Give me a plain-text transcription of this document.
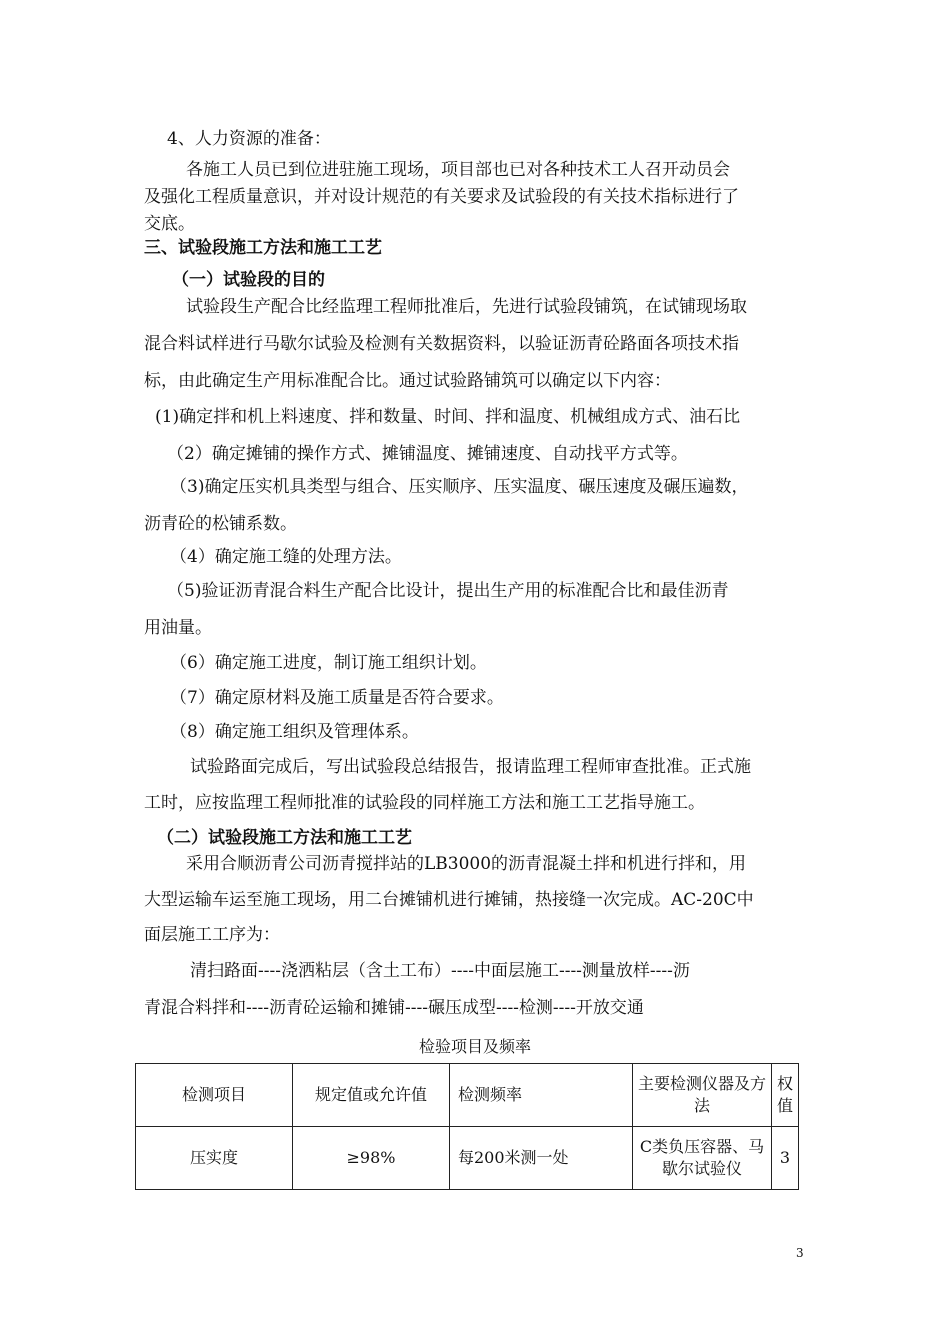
4、人力资源的准备：
各施工人员已到位进驻施工现场，项目部也已对各种技术工人召开动员会
及强化工程质量意识，并对设计规范的有关要求及试验段的有关技术指标进行了
交底。
三、试验段施工方法和施工工艺
（一）试验段的目的
试验段生产配合比经监理工程师批准后，先进行试验段铺筑，在试铺现场取
混合料试样进行马歇尔试验及检测有关数据资料，以验证沥青砼路面各项技术指
标，由此确定生产用标准配合比。通过试验路铺筑可以确定以下内容：
(1)确定拌和机上料速度、拌和数量、时间、拌和温度、机械组成方式、油石比
（2）确定摊铺的操作方式、摊铺温度、摊铺速度、自动找平方式等。
（3)确定压实机具类型与组合、压实顺序、压实温度、碾压速度及碾压遍数，
沥青砼的松铺系数。
（4）确定施工缝的处理方法。
（5)验证沥青混合料生产配合比设计，提出生产用的标准配合比和最佳沥青
用油量。
（6）确定施工进度，制订施工组织计划。
（7）确定原材料及施工质量是否符合要求。
（8）确定施工组织及管理体系。
试验路面完成后，写出试验段总结报告，报请监理工程师审查批准。正式施
工时，应按监理工程师批准的试验段的同样施工方法和施工工艺指导施工。
（二）试验段施工方法和施工工艺
采用合顺沥青公司沥青搅拌站的LB3000的沥青混凝土拌和机进行拌和，用
大型运输车运至施工现场，用二台摊铺机进行摊铺，热接缝一次完成。AC-20C中
面层施工工序为：
清扫路面----浇洒粘层（含土工布）----中面层施工----测量放样----沥
青混合料拌和----沥青砼运输和摊铺----碾压成型----检测----开放交通
检验项目及频率
检测项目	规定值或允许值	检测频率	主要检测仪器及方法	权值
压实度	≥98%	每200米测一处	C类负压容器、马歇尔试验仪	3
3
